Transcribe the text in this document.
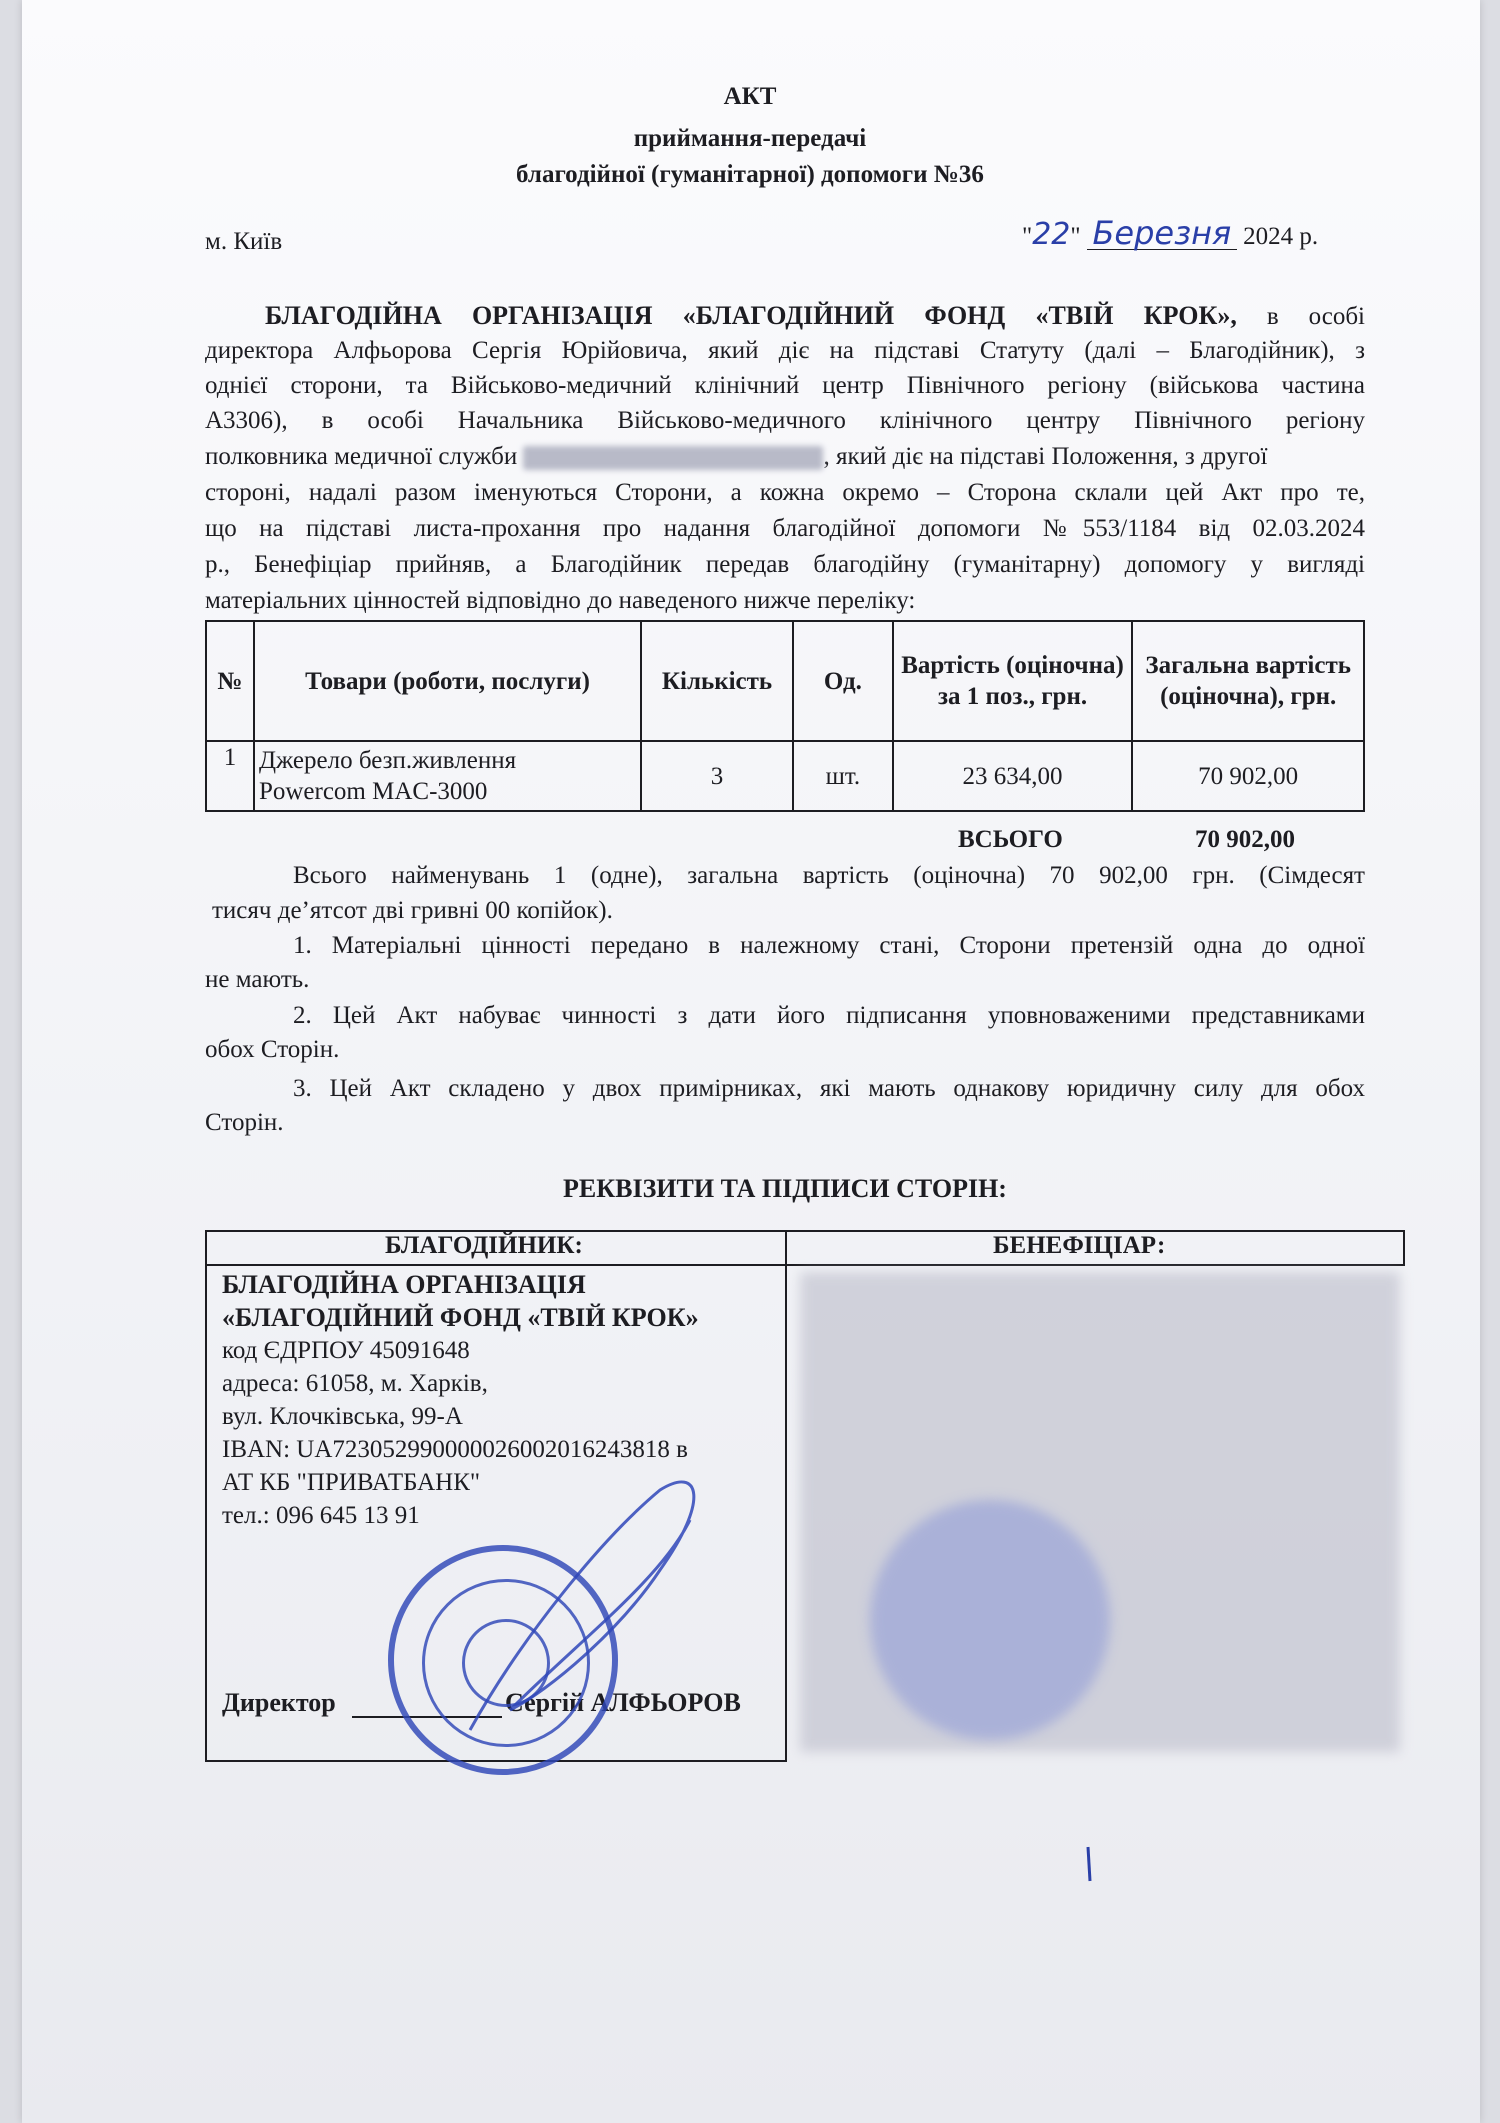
АКТ
приймання-передачі
благодійної (гуманітарної) допомоги №36
м. Київ	"22" Березня 2024 р.
БЛАГОДІЙНА ОРГАНІЗАЦІЯ «БЛАГОДІЙНИЙ ФОНД «ТВІЙ КРОК», в особі
директора Алфьорова Сергія Юрійовича, який діє на підставі Статуту (далі – Благодійник), з
однієї сторони, та Військово-медичний клінічний центр Північного регіону (військова частина
А3306), в особі Начальника Військово-медичного клінічного центру Північного регіону
полковника медичної служби	, який діє на підставі Положення, з другої
стороні, надалі разом іменуються Сторони, а кожна окремо – Сторона склали цей Акт про те,
що на підставі листа-прохання про надання благодійної допомоги №553/1184 від 02.03.2024
р., Бенефіціар прийняв, а Благодійник передав благодійну (гуманітарну) допомогу у вигляді
матеріальних цінностей відповідно до наведеного нижче переліку:
№	Товари (роботи, послуги)	Кількість	Од.	Вартість (оціночна) за 1 поз., грн.	Загальна вартість (оціночна), грн.
1	Джерело безп.живлення
Powercom MAC-3000	3	шт.	23 634,00	70 902,00
ВСЬОГО	70 902,00
Всього найменувань 1 (одне), загальна вартість (оціночна) 70 902,00 грн. (Сімдесят
тисяч де’ятсот дві гривні 00 копійок).
1. Матеріальні цінності передано в належному стані, Сторони претензій одна до одної
не мають.
2. Цей Акт набуває чинності з дати його підписання уповноваженими представниками
обох Сторін.
3. Цей Акт складено у двох примірниках, які мають однакову юридичну силу для обох
Сторін.
РЕКВІЗИТИ ТА ПІДПИСИ СТОРІН:
БЛАГОДІЙНИК:	БЕНЕФІЦІАР:
БЛАГОДІЙНА ОРГАНІЗАЦІЯ
«БЛАГОДІЙНИЙ ФОНД «ТВІЙ КРОК»
код ЄДРПОУ 45091648
адреса: 61058, м. Харків,
вул. Клочківська, 99-А
IBAN: UA723052990000026002016243818 в
АТ КБ "ПРИВАТБАНК"
тел.: 096 645 13 91
Директор	Сергій АЛФЬОРОВ
